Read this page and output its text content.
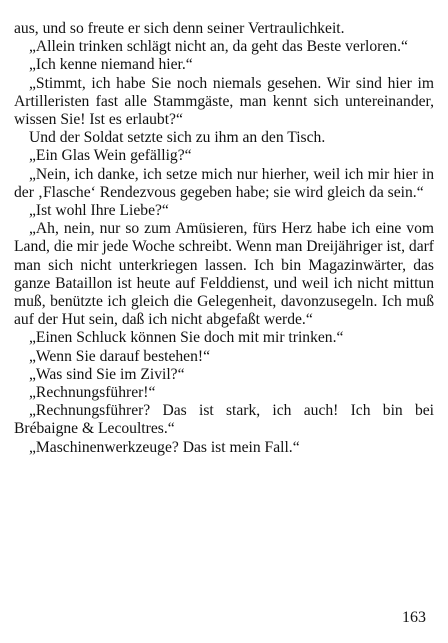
aus, und so freute er sich denn seiner Vertraulichkeit.

„Allein trinken schlägt nicht an, da geht das Beste verloren.“

„Ich kenne niemand hier.“

„Stimmt, ich habe Sie noch niemals gesehen. Wir sind hier im Artilleristen fast alle Stammgäste, man kennt sich untereinander, wissen Sie! Ist es erlaubt?“

Und der Soldat setzte sich zu ihm an den Tisch.

„Ein Glas Wein gefällig?“

„Nein, ich danke, ich setze mich nur hierher, weil ich mir hier in der ‚Flasche‘ Rendezvous gegeben habe; sie wird gleich da sein.“

„Ist wohl Ihre Liebe?“

„Ah, nein, nur so zum Amüsieren, fürs Herz habe ich eine vom Land, die mir jede Woche schreibt. Wenn man Dreijähriger ist, darf man sich nicht unterkriegen lassen. Ich bin Magazinwärter, das ganze Bataillon ist heute auf Felddienst, und weil ich nicht mittun muß, benützte ich gleich die Gelegenheit, davonzusegeln. Ich muß auf der Hut sein, daß ich nicht abgefaßt werde.“

„Einen Schluck können Sie doch mit mir trinken.“

„Wenn Sie darauf bestehen!“

„Was sind Sie im Zivil?“

„Rechnungsführer!“

„Rechnungsführer? Das ist stark, ich auch! Ich bin bei Brébaigne & Lecoultres.“

„Maschinenwerkzeuge? Das ist mein Fall.“

163
